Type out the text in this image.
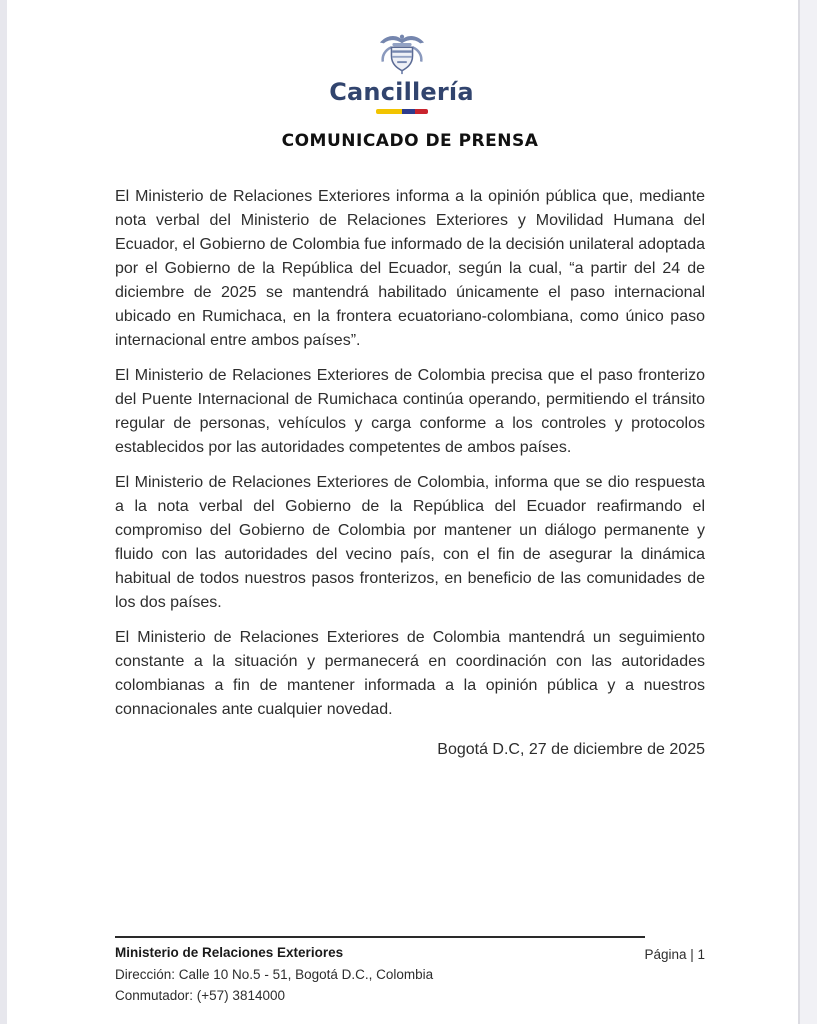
Cancillería
COMUNICADO DE PRENSA

El Ministerio de Relaciones Exteriores informa a la opinión pública que, mediante nota verbal del Ministerio de Relaciones Exteriores y Movilidad Humana del Ecuador, el Gobierno de Colombia fue informado de la decisión unilateral adoptada por el Gobierno de la República del Ecuador, según la cual, “a partir del 24 de diciembre de 2025 se mantendrá habilitado únicamente el paso internacional ubicado en Rumichaca, en la frontera ecuatoriano-colombiana, como único paso internacional entre ambos países”.

El Ministerio de Relaciones Exteriores de Colombia precisa que el paso fronterizo del Puente Internacional de Rumichaca continúa operando, permitiendo el tránsito regular de personas, vehículos y carga conforme a los controles y protocolos establecidos por las autoridades competentes de ambos países.

El Ministerio de Relaciones Exteriores de Colombia, informa que se dio respuesta a la nota verbal del Gobierno de la República del Ecuador reafirmando el compromiso del Gobierno de Colombia por mantener un diálogo permanente y fluido con las autoridades del vecino país, con el fin de asegurar la dinámica habitual de todos nuestros pasos fronterizos, en beneficio de las comunidades de los dos países.

El Ministerio de Relaciones Exteriores de Colombia mantendrá un seguimiento constante a la situación y permanecerá en coordinación con las autoridades colombianas a fin de mantener informada a la opinión pública y a nuestros connacionales ante cualquier novedad.

Bogotá D.C, 27 de diciembre de 2025
Ministerio de Relaciones Exteriores
Dirección: Calle 10 No.5 - 51, Bogotá D.C., Colombia
Conmutador: (+57) 3814000
Página | 1
